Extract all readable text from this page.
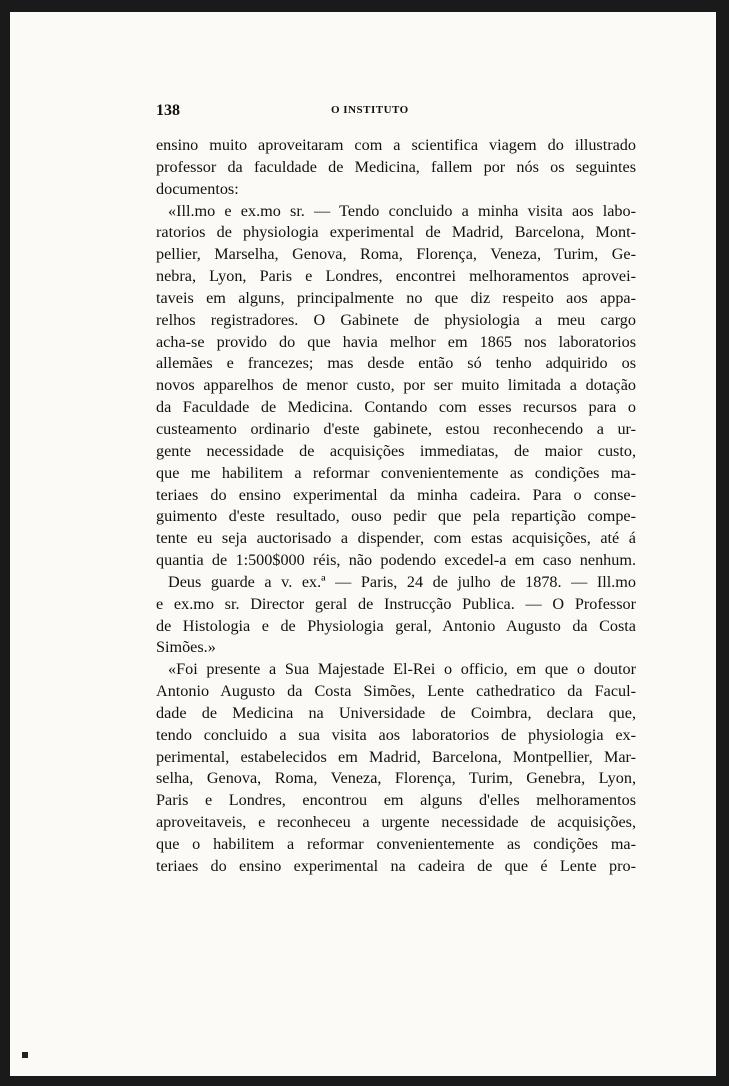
138	O INSTITUTO
ensino muito aproveitaram com a scientifica viagem do illustrado
professor da faculdade de Medicina, fallem por nós os seguintes
documentos:
«Ill.mo e ex.mo sr. — Tendo concluido a minha visita aos labo-
ratorios de physiologia experimental de Madrid, Barcelona, Mont-
pellier, Marselha, Genova, Roma, Florença, Veneza, Turim, Ge-
nebra, Lyon, Paris e Londres, encontrei melhoramentos aprovei-
taveis em alguns, principalmente no que diz respeito aos appa-
relhos registradores. O Gabinete de physiologia a meu cargo
acha-se provido do que havia melhor em 1865 nos laboratorios
allemães e francezes; mas desde então só tenho adquirido os
novos apparelhos de menor custo, por ser muito limitada a dotação
da Faculdade de Medicina. Contando com esses recursos para o
custeamento ordinario d'este gabinete, estou reconhecendo a ur-
gente necessidade de acquisições immediatas, de maior custo,
que me habilitem a reformar convenientemente as condições ma-
teriaes do ensino experimental da minha cadeira. Para o conse-
guimento d'este resultado, ouso pedir que pela repartição compe-
tente eu seja auctorisado a dispender, com estas acquisições, até á
quantia de 1:500$000 réis, não podendo excedel-a em caso nenhum.
Deus guarde a v. ex.ª — Paris, 24 de julho de 1878. — Ill.mo
e ex.mo sr. Director geral de Instrucção Publica. — O Professor
de Histologia e de Physiologia geral, Antonio Augusto da Costa
Simões.»
«Foi presente a Sua Majestade El-Rei o officio, em que o doutor
Antonio Augusto da Costa Simões, Lente cathedratico da Facul-
dade de Medicina na Universidade de Coimbra, declara que,
tendo concluido a sua visita aos laboratorios de physiologia ex-
perimental, estabelecidos em Madrid, Barcelona, Montpellier, Mar-
selha, Genova, Roma, Veneza, Florença, Turim, Genebra, Lyon,
Paris e Londres, encontrou em alguns d'elles melhoramentos
aproveitaveis, e reconheceu a urgente necessidade de acquisições,
que o habilitem a reformar convenientemente as condições ma-
teriaes do ensino experimental na cadeira de que é Lente pro-
